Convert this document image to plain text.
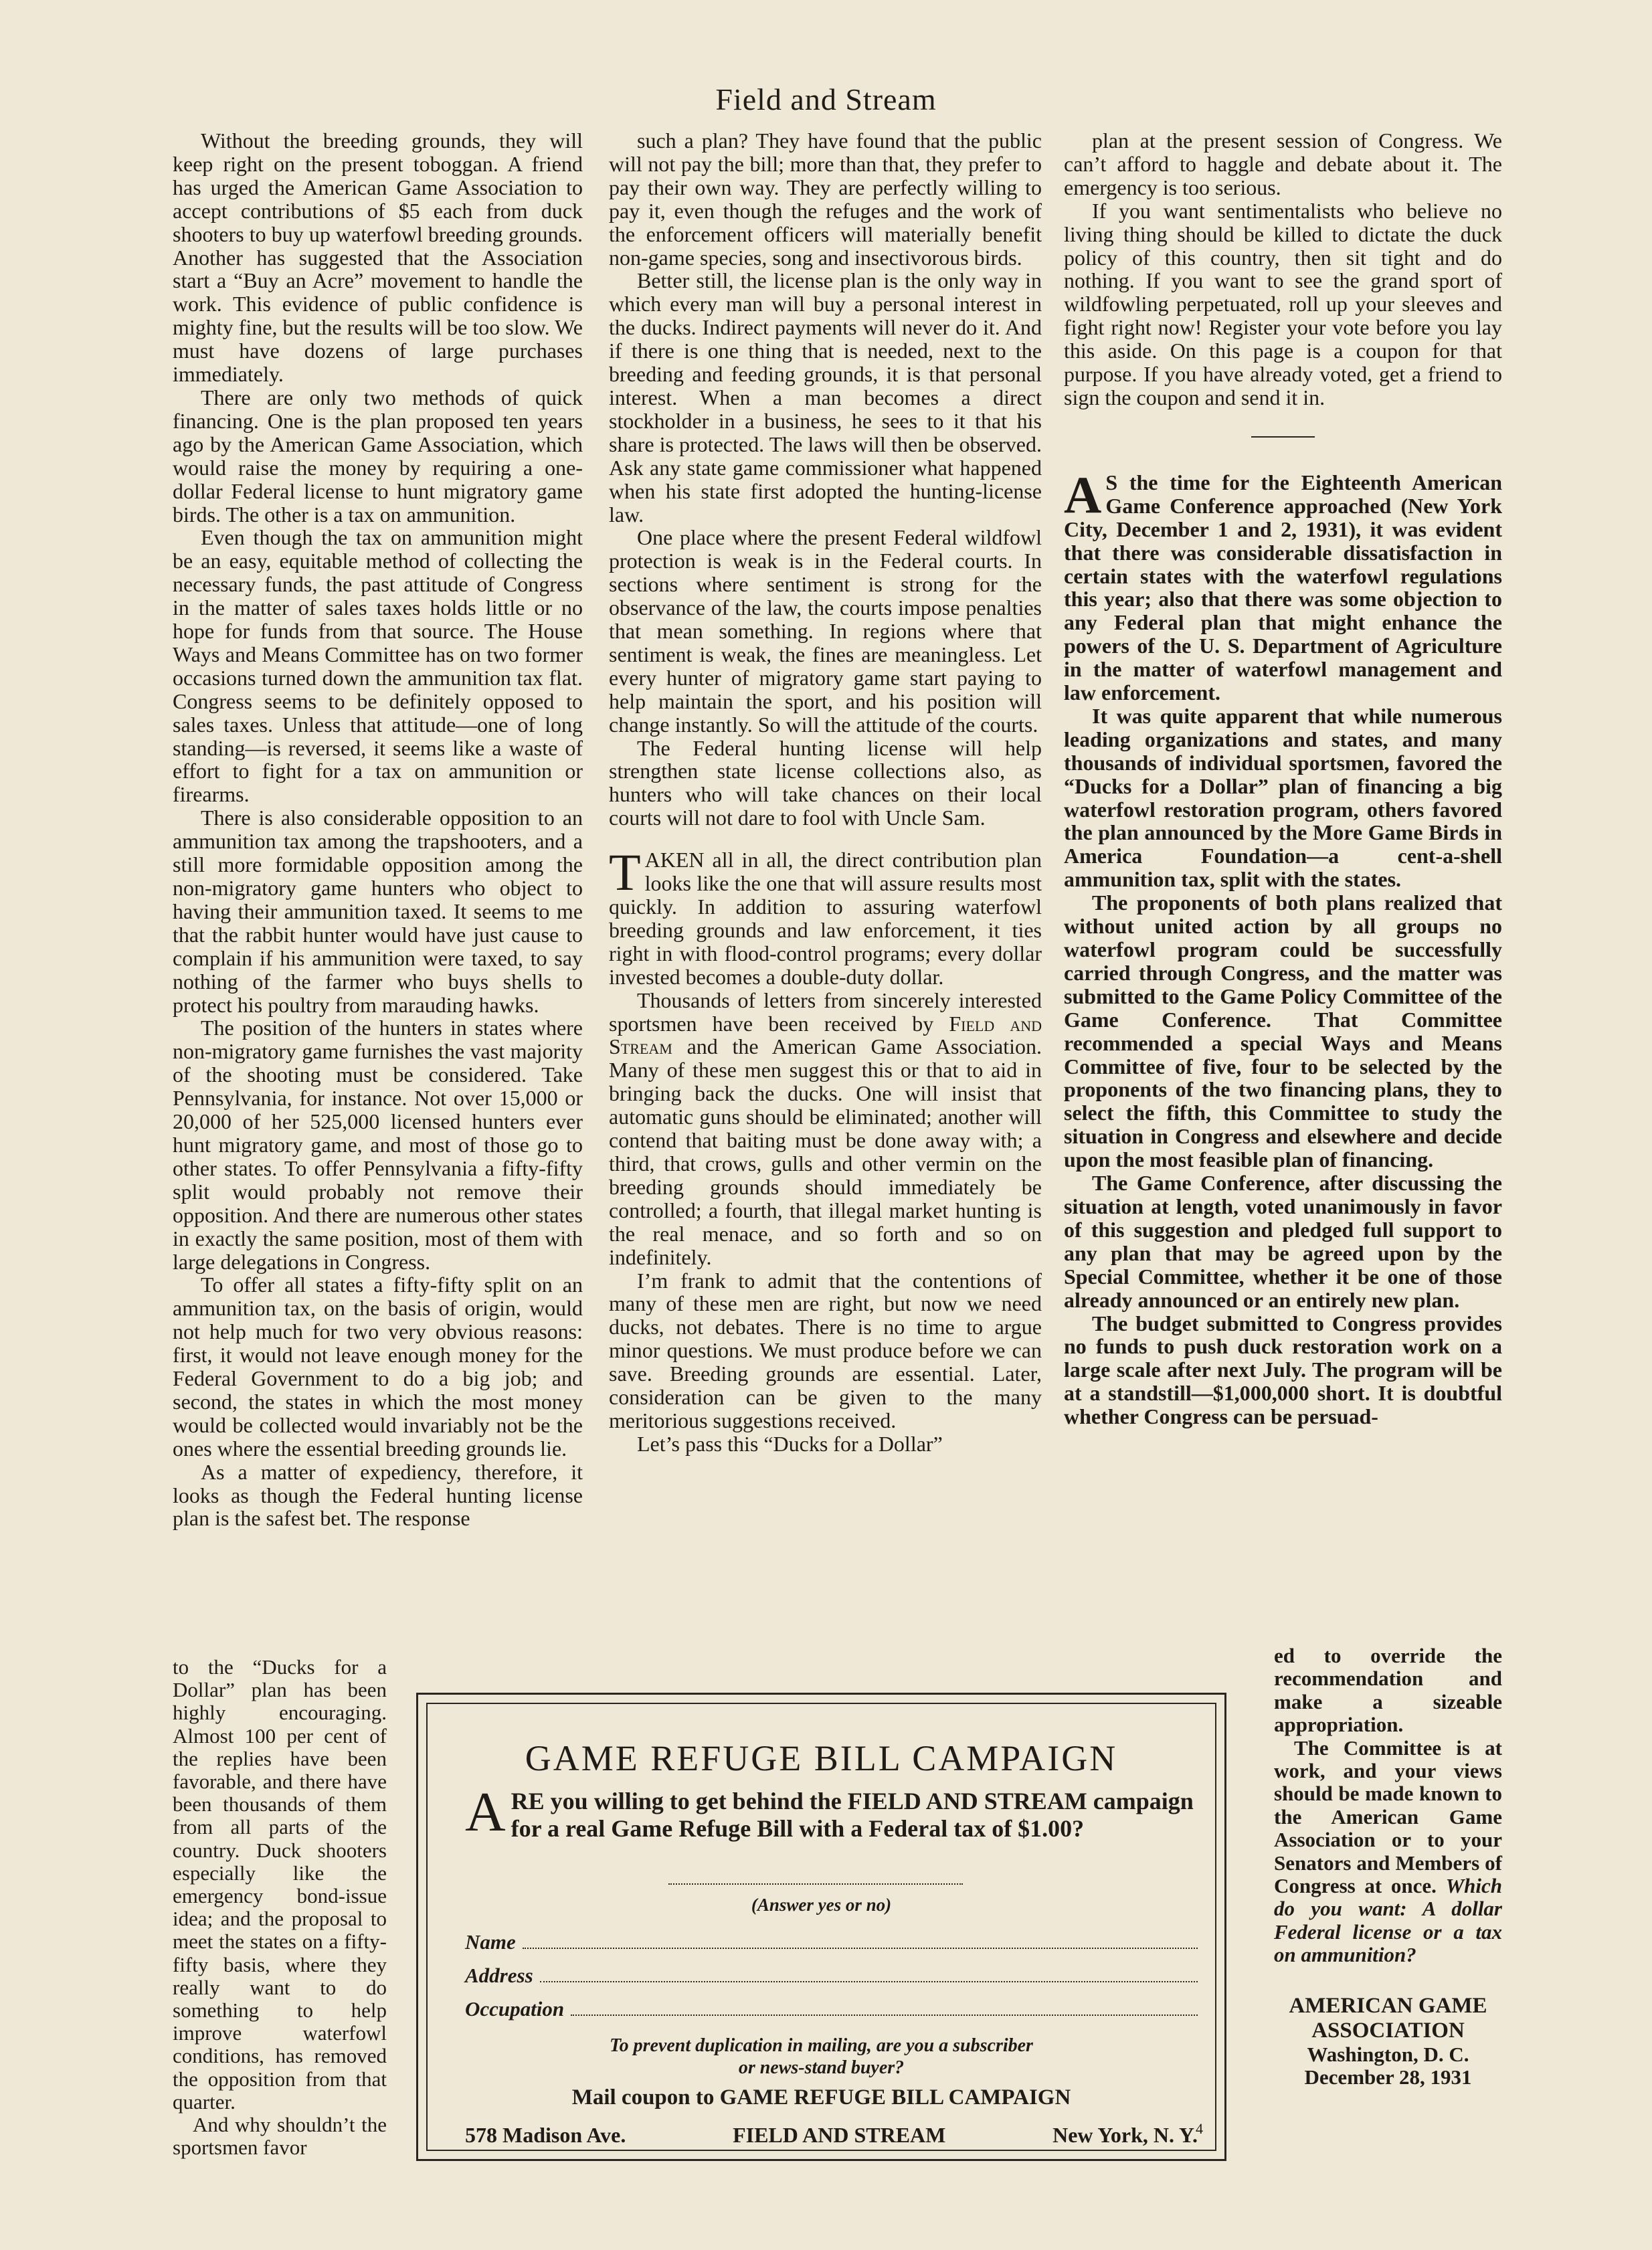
Field and Stream

Without the breeding grounds, they will keep right on the present toboggan. A friend has urged the American Game Association to accept contributions of $5 each from duck shooters to buy up waterfowl breeding grounds. Another has suggested that the Association start a “Buy an Acre” movement to handle the work. This evidence of public confidence is mighty fine, but the results will be too slow. We must have dozens of large purchases immediately.

There are only two methods of quick financing. One is the plan proposed ten years ago by the American Game Association, which would raise the money by requiring a one-dollar Federal license to hunt migratory game birds. The other is a tax on ammunition.

Even though the tax on ammunition might be an easy, equitable method of collecting the necessary funds, the past attitude of Congress in the matter of sales taxes holds little or no hope for funds from that source. The House Ways and Means Committee has on two former occasions turned down the ammunition tax flat. Congress seems to be definitely opposed to sales taxes. Unless that attitude—one of long standing—is reversed, it seems like a waste of effort to fight for a tax on ammunition or firearms.

There is also considerable opposition to an ammunition tax among the trapshooters, and a still more formidable opposition among the non-migratory game hunters who object to having their ammunition taxed. It seems to me that the rabbit hunter would have just cause to complain if his ammunition were taxed, to say nothing of the farmer who buys shells to protect his poultry from marauding hawks.

The position of the hunters in states where non-migratory game furnishes the vast majority of the shooting must be considered. Take Pennsylvania, for instance. Not over 15,000 or 20,000 of her 525,000 licensed hunters ever hunt migratory game, and most of those go to other states. To offer Pennsylvania a fifty-fifty split would probably not remove their opposition. And there are numerous other states in exactly the same position, most of them with large delegations in Congress.

To offer all states a fifty-fifty split on an ammunition tax, on the basis of origin, would not help much for two very obvious reasons: first, it would not leave enough money for the Federal Government to do a big job; and second, the states in which the most money would be collected would invariably not be the ones where the essential breeding grounds lie.

As a matter of expediency, therefore, it looks as though the Federal hunting license plan is the safest bet. The response

to the “Ducks for a Dollar” plan has been highly encouraging. Almost 100 per cent of the replies have been favorable, and there have been thousands of them from all parts of the country. Duck shooters especially like the emergency bond-issue idea; and the proposal to meet the states on a fifty-fifty basis, where they really want to do something to help improve waterfowl conditions, has removed the opposition from that quarter.

And why shouldn’t the sportsmen favor

such a plan? They have found that the public will not pay the bill; more than that, they prefer to pay their own way. They are perfectly willing to pay it, even though the refuges and the work of the enforcement officers will materially benefit non-game species, song and insectivorous birds.

Better still, the license plan is the only way in which every man will buy a personal interest in the ducks. Indirect payments will never do it. And if there is one thing that is needed, next to the breeding and feeding grounds, it is that personal interest. When a man becomes a direct stockholder in a business, he sees to it that his share is protected. The laws will then be observed. Ask any state game commissioner what happened when his state first adopted the hunting-license law.

One place where the present Federal wildfowl protection is weak is in the Federal courts. In sections where sentiment is strong for the observance of the law, the courts impose penalties that mean something. In regions where that sentiment is weak, the fines are meaningless. Let every hunter of migratory game start paying to help maintain the sport, and his position will change instantly. So will the attitude of the courts.

The Federal hunting license will help strengthen state license collections also, as hunters who will take chances on their local courts will not dare to fool with Uncle Sam.

TAKEN all in all, the direct contribution plan looks like the one that will assure results most quickly. In addition to assuring waterfowl breeding grounds and law enforcement, it ties right in with flood-control programs; every dollar invested becomes a double-duty dollar.

Thousands of letters from sincerely interested sportsmen have been received by Field and Stream and the American Game Association. Many of these men suggest this or that to aid in bringing back the ducks. One will insist that automatic guns should be eliminated; another will contend that baiting must be done away with; a third, that crows, gulls and other vermin on the breeding grounds should immediately be controlled; a fourth, that illegal market hunting is the real menace, and so forth and so on indefinitely.

I’m frank to admit that the contentions of many of these men are right, but now we need ducks, not debates. There is no time to argue minor questions. We must produce before we can save. Breeding grounds are essential. Later, consideration can be given to the many meritorious suggestions received.

Let’s pass this “Ducks for a Dollar”

plan at the present session of Congress. We can’t afford to haggle and debate about it. The emergency is too serious.

If you want sentimentalists who believe no living thing should be killed to dictate the duck policy of this country, then sit tight and do nothing. If you want to see the grand sport of wildfowling perpetuated, roll up your sleeves and fight right now! Register your vote before you lay this aside. On this page is a coupon for that purpose. If you have already voted, get a friend to sign the coupon and send it in.

A S the time for the Eighteenth American Game Conference approached (New York City, December 1 and 2, 1931), it was evident that there was considerable dissatisfaction in certain states with the waterfowl regulations this year; also that there was some objection to any Federal plan that might enhance the powers of the U. S. Department of Agriculture in the matter of waterfowl management and law enforcement.

It was quite apparent that while numerous leading organizations and states, and many thousands of individual sportsmen, favored the “Ducks for a Dollar” plan of financing a big waterfowl restoration program, others favored the plan announced by the More Game Birds in America Foundation—a cent-a-shell ammunition tax, split with the states.

The proponents of both plans realized that without united action by all groups no waterfowl program could be successfully carried through Congress, and the matter was submitted to the Game Policy Committee of the Game Conference. That Committee recommended a special Ways and Means Committee of five, four to be selected by the proponents of the two financing plans, they to select the fifth, this Committee to study the situation in Congress and elsewhere and decide upon the most feasible plan of financing.

The Game Conference, after discussing the situation at length, voted unanimously in favor of this suggestion and pledged full support to any plan that may be agreed upon by the Special Committee, whether it be one of those already announced or an entirely new plan.

The budget submitted to Congress provides no funds to push duck restoration work on a large scale after next July. The program will be at a standstill—$1,000,000 short. It is doubtful whether Congress can be persuad-

ed to override the recommendation and make a sizeable appropriation.

The Committee is at work, and your views should be made known to the American Game Association or to your Senators and Members of Congress at once. Which do you want: A dollar Federal license or a tax on ammunition?

AMERICAN GAME ASSOCIATION
Washington, D. C.
December 28, 1931
GAME REFUGE BILL CAMPAIGN
ARE you willing to get behind the FIELD AND STREAM campaign for a real Game Refuge Bill with a Federal tax of $1.00?
(Answer yes or no)
Name
Address
Occupation
To prevent duplication in mailing, are you a subscriber
or news-stand buyer?
Mail coupon to GAME REFUGE BILL CAMPAIGN
578 Madison Ave.	FIELD AND STREAM	New York, N. Y.
4
